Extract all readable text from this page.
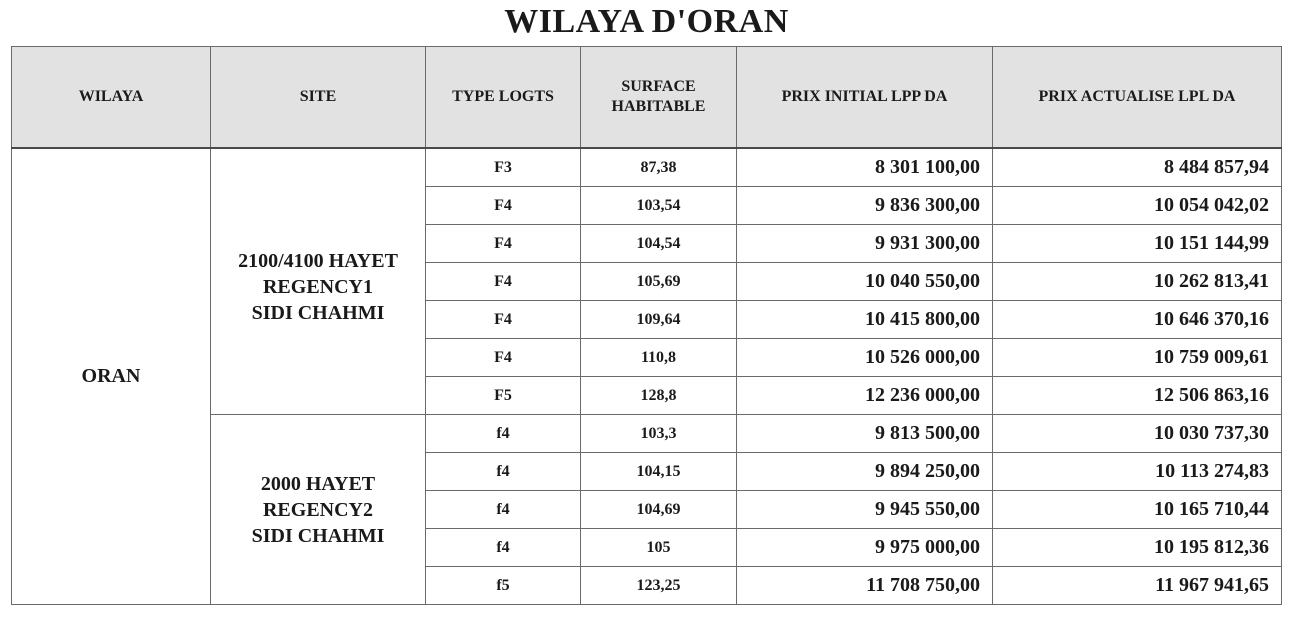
WILAYA D'ORAN
WILAYA	SITE	TYPE LOGTS	SURFACE HABITABLE	PRIX INITIAL LPP DA	PRIX ACTUALISE LPL DA
ORAN	2100/4100 HAYET
REGENCY1
SIDI CHAHMI	F3	87,38	8 301 100,00	8 484 857,94
		F4	103,54	9 836 300,00	10 054 042,02
		F4	104,54	9 931 300,00	10 151 144,99
		F4	105,69	10 040 550,00	10 262 813,41
		F4	109,64	10 415 800,00	10 646 370,16
		F4	110,8	10 526 000,00	10 759 009,61
		F5	128,8	12 236 000,00	12 506 863,16
	2000 HAYET
REGENCY2
SIDI CHAHMI	f4	103,3	9 813 500,00	10 030 737,30
		f4	104,15	9 894 250,00	10 113 274,83
		f4	104,69	9 945 550,00	10 165 710,44
		f4	105	9 975 000,00	10 195 812,36
		f5	123,25	11 708 750,00	11 967 941,65
